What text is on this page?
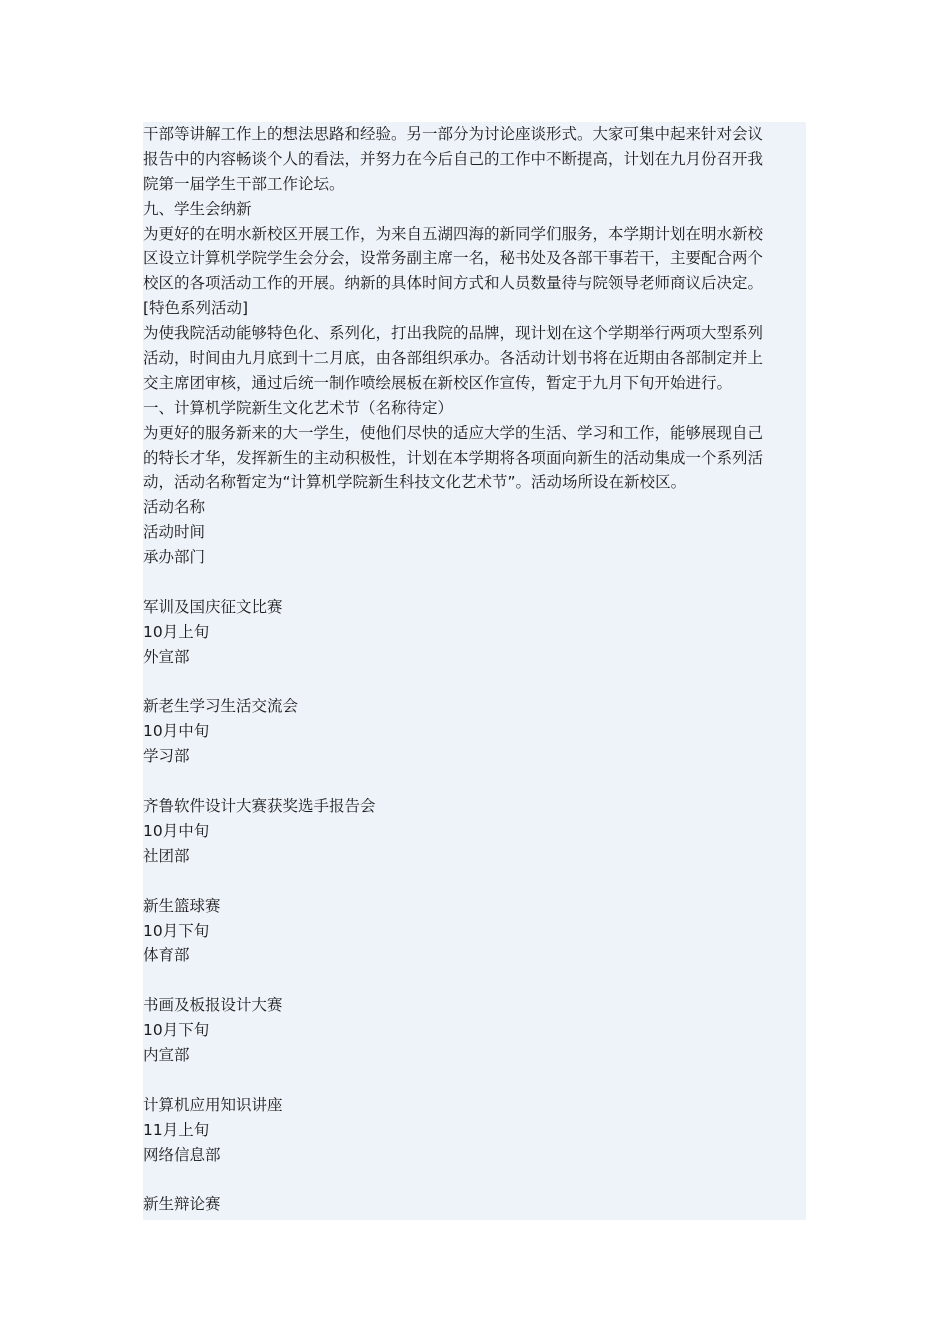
干部等讲解工作上的想法思路和经验。另一部分为讨论座谈形式。大家可集中起来针对会议
报告中的内容畅谈个人的看法，并努力在今后自己的工作中不断提高，计划在九月份召开我
院第一届学生干部工作论坛。
九、学生会纳新
为更好的在明水新校区开展工作，为来自五湖四海的新同学们服务，本学期计划在明水新校
区设立计算机学院学生会分会，设常务副主席一名，秘书处及各部干事若干，主要配合两个
校区的各项活动工作的开展。纳新的具体时间方式和人员数量待与院领导老师商议后决定。
[特色系列活动]
为使我院活动能够特色化、系列化，打出我院的品牌，现计划在这个学期举行两项大型系列
活动，时间由九月底到十二月底，由各部组织承办。各活动计划书将在近期由各部制定并上
交主席团审核，通过后统一制作喷绘展板在新校区作宣传，暂定于九月下旬开始进行。
一、计算机学院新生文化艺术节（名称待定）
为更好的服务新来的大一学生，使他们尽快的适应大学的生活、学习和工作，能够展现自己
的特长才华，发挥新生的主动积极性，计划在本学期将各项面向新生的活动集成一个系列活
动，活动名称暂定为“计算机学院新生科技文化艺术节”。活动场所设在新校区。
活动名称
活动时间
承办部门
军训及国庆征文比赛
10月上旬
外宣部
新老生学习生活交流会
10月中旬
学习部
齐鲁软件设计大赛获奖选手报告会
10月中旬
社团部
新生篮球赛
10月下旬
体育部
书画及板报设计大赛
10月下旬
内宣部
计算机应用知识讲座
11月上旬
网络信息部
新生辩论赛
